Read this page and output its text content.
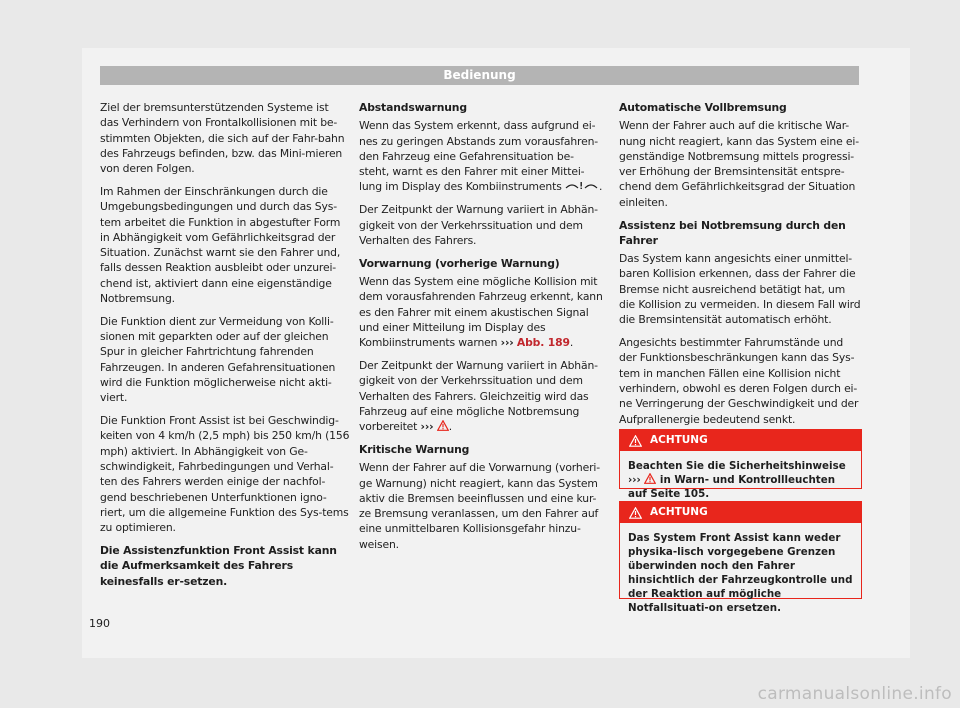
Bedienung

Ziel der bremsunterstützenden Systeme ist das Verhindern von Frontalkollisionen mit be-stimmten Objekten, die sich auf der Fahr-bahn des Fahrzeugs befinden, bzw. das Mini-mieren von deren Folgen.

Im Rahmen der Einschränkungen durch die Umgebungsbedingungen und durch das Sys-tem arbeitet die Funktion in abgestufter Form in Abhängigkeit vom Gefährlichkeitsgrad der Situation. Zunächst warnt sie den Fahrer und, falls dessen Reaktion ausbleibt oder unzurei-chend ist, aktiviert dann eine eigenständige Notbremsung.

Die Funktion dient zur Vermeidung von Kolli-sionen mit geparkten oder auf der gleichen Spur in gleicher Fahrtrichtung fahrenden Fahrzeugen. In anderen Gefahrensituationen wird die Funktion möglicherweise nicht akti-viert.

Die Funktion Front Assist ist bei Geschwindig-keiten von 4 km/h (2,5 mph) bis 250 km/h (156 mph) aktiviert. In Abhängigkeit von Ge-schwindigkeit, Fahrbedingungen und Verhal-ten des Fahrers werden einige der nachfol-gend beschriebenen Unterfunktionen igno-riert, um die allgemeine Funktion des Sys-tems zu optimieren.

Die Assistenzfunktion Front Assist kann die Aufmerksamkeit des Fahrers keinesfalls er-setzen.

Abstandswarnung

Wenn das System erkennt, dass aufgrund ei-nes zu geringen Abstands zum vorausfahren-den Fahrzeug eine Gefahrensituation be-steht, warnt es den Fahrer mit einer Mittei-lung im Display des Kombiinstruments	.

Der Zeitpunkt der Warnung variiert in Abhän-gigkeit von der Verkehrssituation und dem Verhalten des Fahrers.

Vorwarnung (vorherige Warnung)

Wenn das System eine mögliche Kollision mit dem vorausfahrenden Fahrzeug erkennt, kann es den Fahrer mit einem akustischen Signal und einer Mitteilung im Display des Kombiinstruments warnen ››› Abb. 189.

Der Zeitpunkt der Warnung variiert in Abhän-gigkeit von der Verkehrssituation und dem Verhalten des Fahrers. Gleichzeitig wird das Fahrzeug auf eine mögliche Notbremsung vorbereitet ››› .

Kritische Warnung

Wenn der Fahrer auf die Vorwarnung (vorheri-ge Warnung) nicht reagiert, kann das System aktiv die Bremsen beeinflussen und eine kur-ze Bremsung veranlassen, um den Fahrer auf eine unmittelbaren Kollisionsgefahr hinzu-weisen.

Automatische Vollbremsung

Wenn der Fahrer auch auf die kritische War-nung nicht reagiert, kann das System eine ei-genständige Notbremsung mittels progressi-ver Erhöhung der Bremsintensität entspre-chend dem Gefährlichkeitsgrad der Situation einleiten.

Assistenz bei Notbremsung durch den Fahrer

Das System kann angesichts einer unmittel-baren Kollision erkennen, dass der Fahrer die Bremse nicht ausreichend betätigt hat, um die Kollision zu vermeiden. In diesem Fall wird die Bremsintensität automatisch erhöht.

Angesichts bestimmter Fahrumstände und der Funktionsbeschränkungen kann das Sys-tem in manchen Fällen eine Kollision nicht verhindern, obwohl es deren Folgen durch ei-ne Verringerung der Geschwindigkeit und der Aufprallenergie bedeutend senkt.

ACHTUNG
Beachten Sie die Sicherheitshinweise ››› in Warn- und Kontrollleuchten auf Seite 105.
ACHTUNG
Das System Front Assist kann weder physika-lisch vorgegebene Grenzen überwinden noch den Fahrer hinsichtlich der Fahrzeugkontrolle und der Reaktion auf mögliche Notfallsituati-on ersetzen.
190
carmanualsonline.info
